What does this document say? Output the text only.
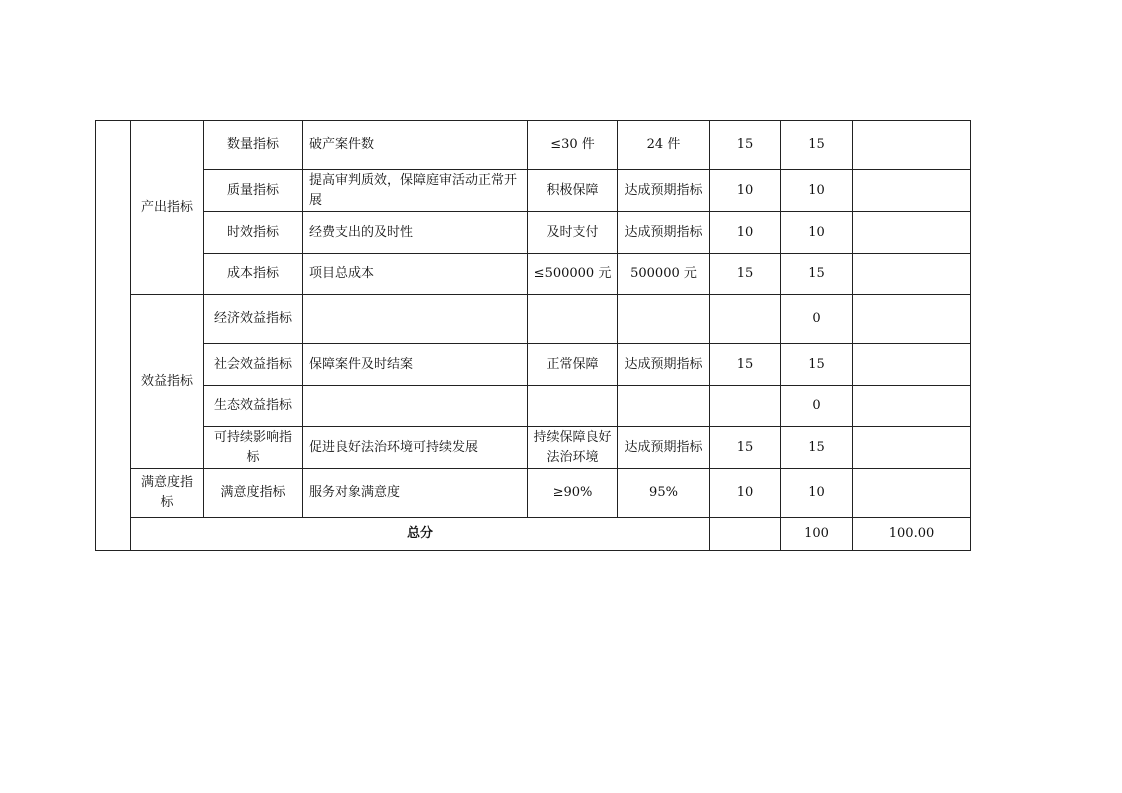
	产出指标	数量指标	破产案件数	≤30 件	24 件	15	15		
		质量指标	提高审判质效，保障庭审活动正常开展	积极保障	达成预期指标	10	10		
		时效指标	经费支出的及时性	及时支付	达成预期指标	10	10		
		成本指标	项目总成本	≤500000 元	500000 元	15	15		
	效益指标	经济效益指标					0		
		社会效益指标	保障案件及时结案	正常保障	达成预期指标	15	15		
		生态效益指标					0		
		可持续影响指标	促进良好法治环境可持续发展	持续保障良好法治环境	达成预期指标	15	15		
	满意度指标	满意度指标	服务对象满意度	≥90%	95%	10	10		
	总分						100	100.00	
